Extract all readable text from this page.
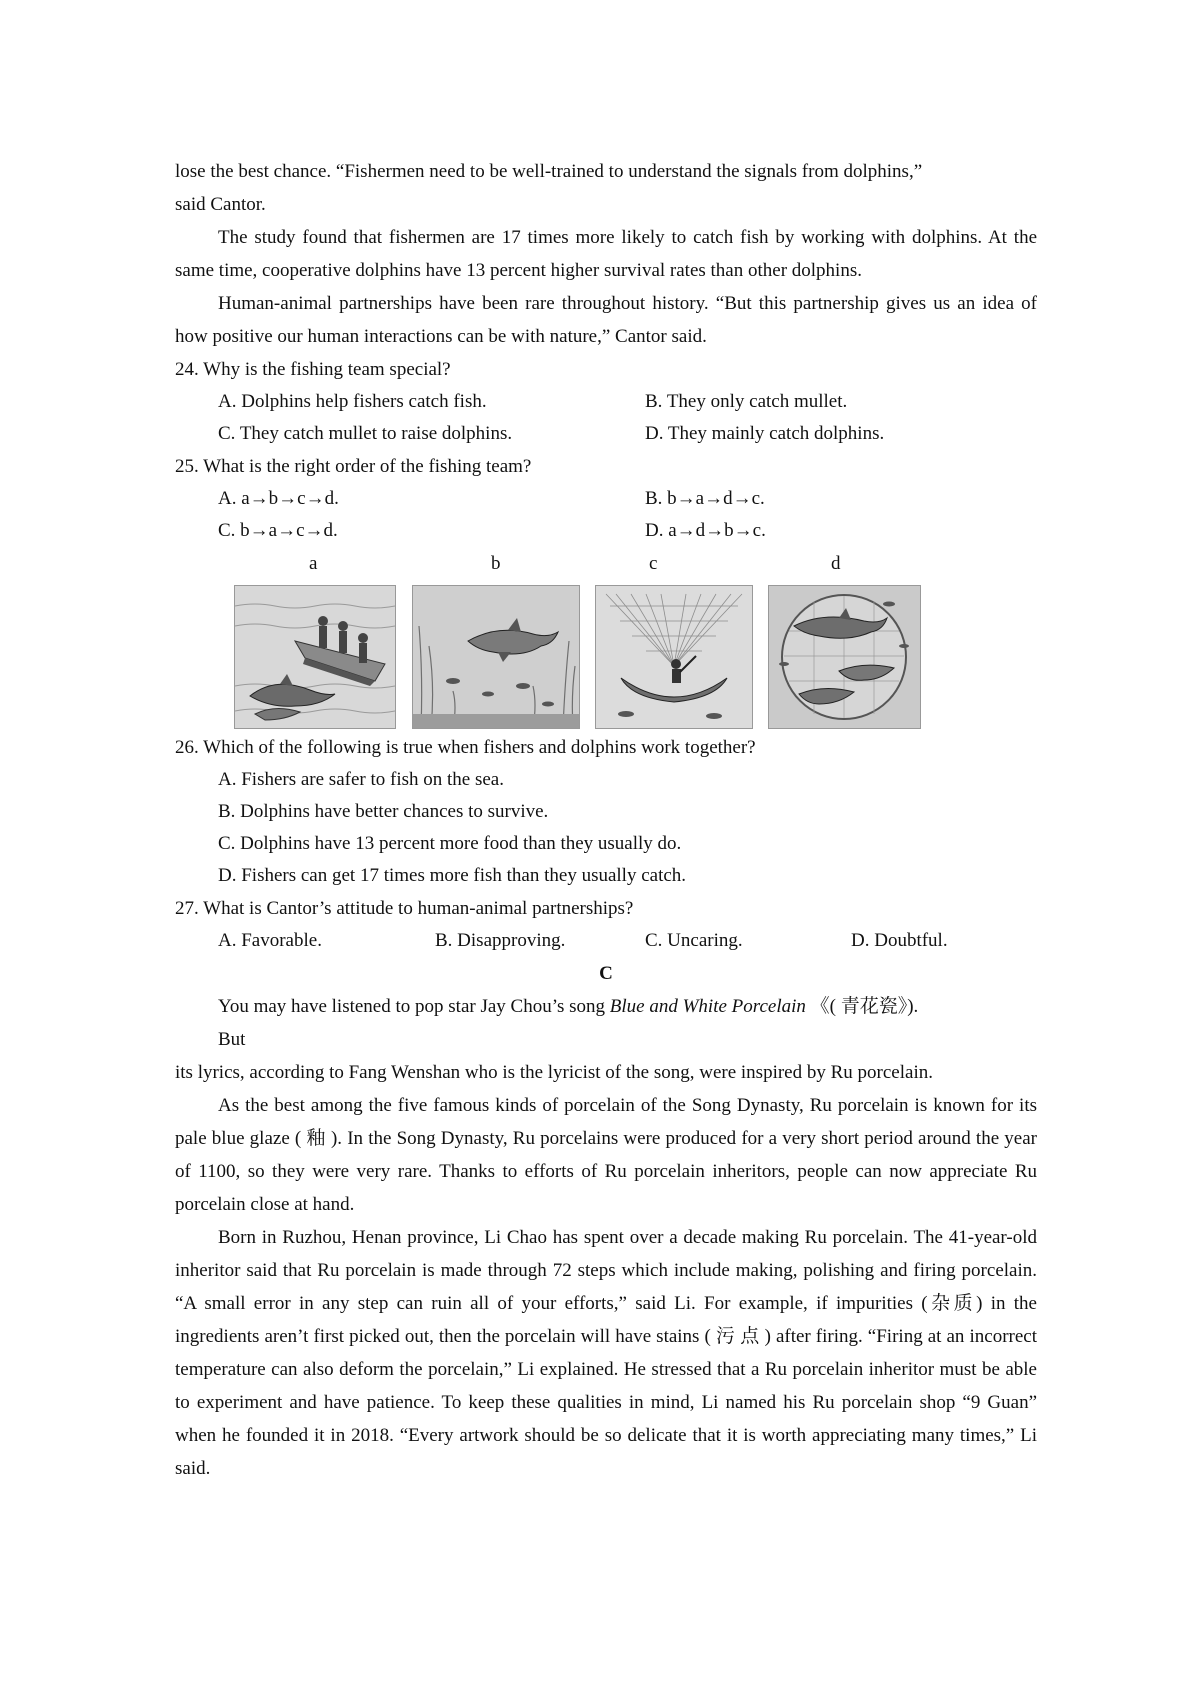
lose the best chance. “Fishermen need to be well-trained to understand the signals from dolphins,”

said Cantor.

The study found that fishermen are 17 times more likely to catch fish by working with dolphins. At the same time, cooperative dolphins have 13 percent higher survival rates than other dolphins.

Human-animal partnerships have been rare throughout history. “But this partnership gives us an idea of how positive our human interactions can be with nature,” Cantor said.

24. Why is the fishing team special?
A. Dolphins help fishers catch fish.	B. They only catch mullet.
C. They catch mullet to raise dolphins.	D. They mainly catch dolphins.
25. What is the right order of the fishing team?
A. a→b→c→d.	B. b→a→d→c.
C. b→a→c→d.	D. a→d→b→c.
a	b	c	d
26. Which of the following is true when fishers and dolphins work together?
A. Fishers are safer to fish on the sea.
B. Dolphins have better chances to survive.
C. Dolphins have 13 percent more food than they usually do.
D. Fishers can get 17 times more fish than they usually catch.
27. What is Cantor’s attitude to human-animal partnerships?
A. Favorable.	B. Disapproving.	C. Uncaring.	D. Doubtful.
C

You may have listened to pop star Jay Chou’s song Blue and White Porcelain 《( 青花瓷》).

But

its lyrics, according to Fang Wenshan who is the lyricist of the song, were inspired by Ru porcelain.

As the best among the five famous kinds of porcelain of the Song Dynasty, Ru porcelain is known for its pale blue glaze ( 釉 ). In the Song Dynasty, Ru porcelains were produced for a very short period around the year of 1100, so they were very rare. Thanks to efforts of Ru porcelain inheritors, people can now appreciate Ru porcelain close at hand.

Born in Ruzhou, Henan province, Li Chao has spent over a decade making Ru porcelain. The 41-year-old inheritor said that Ru porcelain is made through 72 steps which include making, polishing and firing porcelain. “A small error in any step can ruin all of your efforts,” said Li. For example, if impurities (杂质) in the ingredients aren’t first picked out, then the porcelain will have stains ( 污 点 ) after firing. “Firing at an incorrect temperature can also deform the porcelain,” Li explained. He stressed that a Ru porcelain inheritor must be able to experiment and have patience. To keep these qualities in mind, Li named his Ru porcelain shop “9 Guan” when he founded it in 2018. “Every artwork should be so delicate that it is worth appreciating many times,” Li said.
